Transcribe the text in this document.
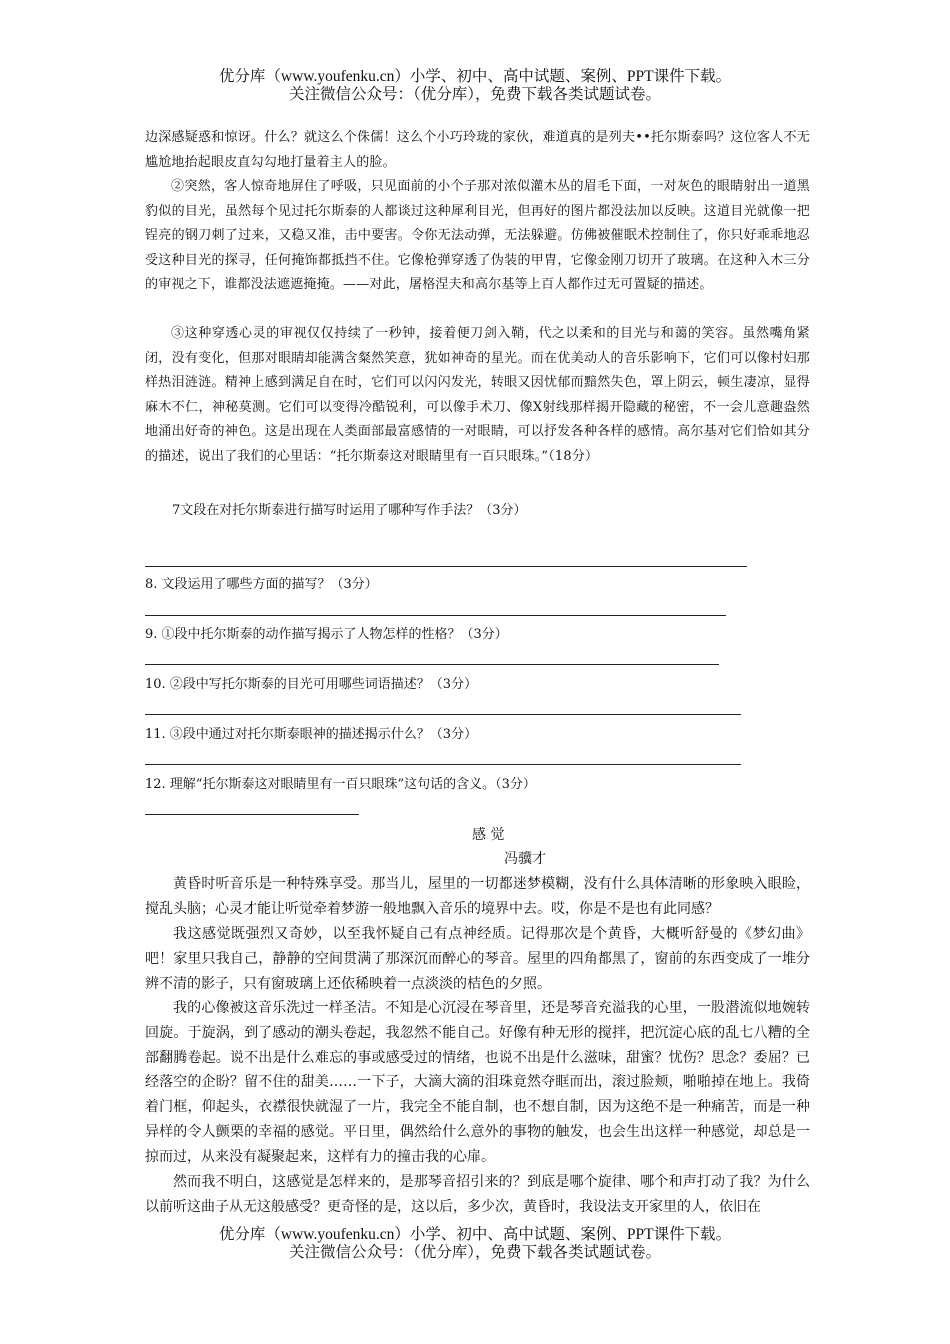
优分库（www.youfenku.cn）小学、初中、高中试题、案例、PPT课件下载。
关注微信公众号：（优分库），免费下载各类试题试卷。
边深感疑惑和惊讶。什么？就这么个侏儒！这么个小巧玲珑的家伙，难道真的是列夫••托尔斯泰吗？这位客人不无尴尬地抬起眼皮直勾勾地打量着主人的脸。
②突然，客人惊奇地屏住了呼吸，只见面前的小个子那对浓似灌木丛的眉毛下面，一对灰色的眼睛射出一道黑豹似的目光，虽然每个见过托尔斯泰的人都谈过这种犀利目光，但再好的图片都没法加以反映。这道目光就像一把锃亮的钢刀刺了过来，又稳又准，击中要害。令你无法动弹，无法躲避。仿佛被催眠术控制住了，你只好乖乖地忍受这种目光的探寻，任何掩饰都抵挡不住。它像枪弹穿透了伪装的甲胄，它像金刚刀切开了玻璃。在这种入木三分的审视之下，谁都没法遮遮掩掩。——对此，屠格涅夫和高尔基等上百人都作过无可置疑的描述。
③这种穿透心灵的审视仅仅持续了一秒钟，接着便刀剑入鞘，代之以柔和的目光与和蔼的笑容。虽然嘴角紧闭，没有变化，但那对眼睛却能满含粲然笑意，犹如神奇的星光。而在优美动人的音乐影响下，它们可以像村妇那样热泪涟涟。精神上感到满足自在时，它们可以闪闪发光，转眼又因忧郁而黯然失色，罩上阴云，顿生凄凉，显得麻木不仁，神秘莫测。它们可以变得冷酷锐利，可以像手术刀、像X射线那样揭开隐藏的秘密，不一会儿意趣盎然地涌出好奇的神色。这是出现在人类面部最富感情的一对眼睛，可以抒发各种各样的感情。高尔基对它们恰如其分的描述，说出了我们的心里话：“托尔斯泰这对眼睛里有一百只眼珠。”（18分）
7文段在对托尔斯泰进行描写时运用了哪种写作手法？（3分）
8. 文段运用了哪些方面的描写？（3分）
9. ①段中托尔斯泰的动作描写揭示了人物怎样的性格？（3分）
10. ②段中写托尔斯泰的目光可用哪些词语描述？（3分）
11. ③段中通过对托尔斯泰眼神的描述揭示什么？（3分）
12. 理解“托尔斯泰这对眼睛里有一百只眼珠”这句话的含义。（3分）
感 觉
冯骥才
黄昏时听音乐是一种特殊享受。那当儿，屋里的一切都迷梦模糊，没有什么具体清晰的形象映入眼睑，搅乱头脑；心灵才能让听觉牵着梦游一般地飘入音乐的境界中去。哎，你是不是也有此同感？
我这感觉既强烈又奇妙，以至我怀疑自己有点神经质。记得那次是个黄昏，大概听舒曼的《梦幻曲》吧！家里只我自己，静静的空间贯满了那深沉而醉心的琴音。屋里的四角都黑了，窗前的东西变成了一堆分辨不清的影子，只有窗玻璃上还依稀映着一点淡淡的桔色的夕照。
我的心像被这音乐洗过一样圣洁。不知是心沉浸在琴音里，还是琴音充溢我的心里，一股潜流似地婉转回旋。于旋涡，到了感动的潮头卷起，我忽然不能自己。好像有种无形的搅拌，把沉淀心底的乱七八糟的全部翻腾卷起。说不出是什么难忘的事或感受过的情绪，也说不出是什么滋味，甜蜜？忧伤？思念？委屈？已经落空的企盼？留不住的甜美……一下子，大滴大滴的泪珠竟然夺眶而出，滚过脸颊，啪啪掉在地上。我倚着门框，仰起头，衣襟很快就湿了一片，我完全不能自制，也不想自制，因为这绝不是一种痛苦，而是一种异样的令人颤栗的幸福的感觉。平日里，偶然给什么意外的事物的触发，也会生出这样一种感觉，却总是一掠而过，从来没有凝聚起来，这样有力的撞击我的心扉。
然而我不明白，这感觉是怎样来的，是那琴音招引来的？到底是哪个旋律、哪个和声打动了我？为什么以前听这曲子从无这般感受？更奇怪的是，这以后，多少次，黄昏时，我设法支开家里的人，依旧在
优分库（www.youfenku.cn）小学、初中、高中试题、案例、PPT课件下载。
关注微信公众号：（优分库），免费下载各类试题试卷。
